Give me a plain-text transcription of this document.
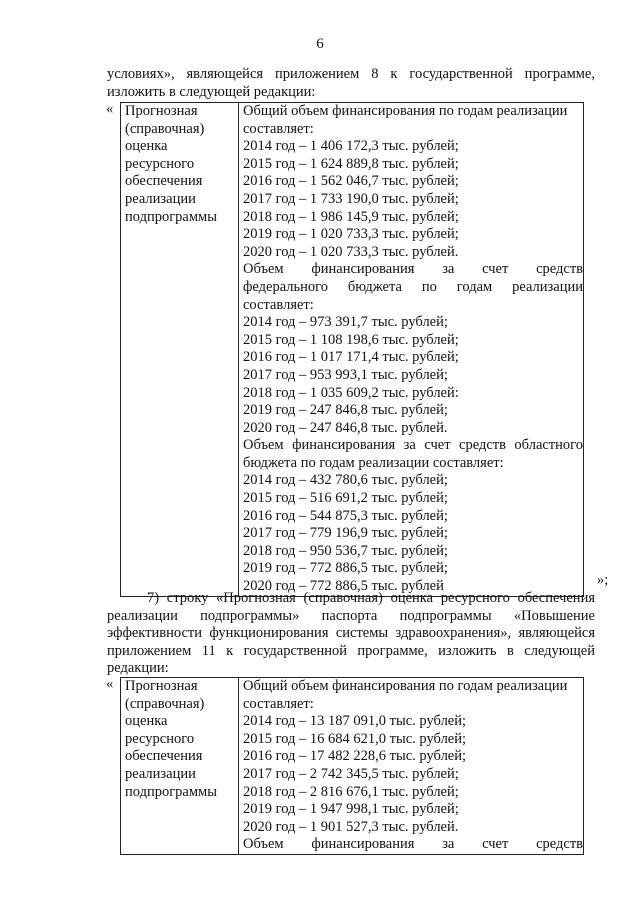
6
условиях», являющейся приложением 8 к государственной программе,
изложить в следующей редакции:
« Прогнозная
(справочная)
оценка
ресурсного
обеспечения
реализации
подпрограммы

Общий объем финансирования по годам реализации
составляет:
2014 год – 1 406 172,3 тыс. рублей;
2015 год – 1 624 889,8 тыс. рублей;
2016 год – 1 562 046,7 тыс. рублей;
2017 год – 1 733 190,0 тыс. рублей;
2018 год – 1 986 145,9 тыс. рублей;
2019 год – 1 020 733,3 тыс. рублей;
2020 год – 1 020 733,3 тыс. рублей.
Объем финансирования за счет средств
федерального бюджета по годам реализации
составляет:
2014 год – 973 391,7 тыс. рублей;
2015 год – 1 108 198,6 тыс. рублей;
2016 год – 1 017 171,4 тыс. рублей;
2017 год – 953 993,1 тыс. рублей;
2018 год – 1 035 609,2 тыс. рублей:
2019 год – 247 846,8 тыс. рублей;
2020 год – 247 846,8 тыс. рублей.
Объем финансирования за счет средств областного
бюджета по годам реализации составляет:
2014 год – 432 780,6 тыс. рублей;
2015 год – 516 691,2 тыс. рублей;
2016 год – 544 875,3 тыс. рублей;
2017 год – 779 196,9 тыс. рублей;
2018 год – 950 536,7 тыс. рублей;
2019 год – 772 886,5 тыс. рублей;
2020 год – 772 886,5 тыс. рублей	»;
7) строку «Прогнозная (справочная) оценка ресурсного обеспечения
реализации подпрограммы» паспорта подпрограммы «Повышение
эффективности функционирования системы здравоохранения», являющейся
приложением 11 к государственной программе, изложить в следующей
редакции:
« Прогнозная
(справочная)
оценка
ресурсного
обеспечения
реализации
подпрограммы

Общий объем финансирования по годам реализации
составляет:
2014 год – 13 187 091,0 тыс. рублей;
2015 год – 16 684 621,0 тыс. рублей;
2016 год – 17 482 228,6 тыс. рублей;
2017 год – 2 742 345,5 тыс. рублей;
2018 год – 2 816 676,1 тыс. рублей;
2019 год – 1 947 998,1 тыс. рублей;
2020 год – 1 901 527,3 тыс. рублей.
Объем финансирования за счет средств
